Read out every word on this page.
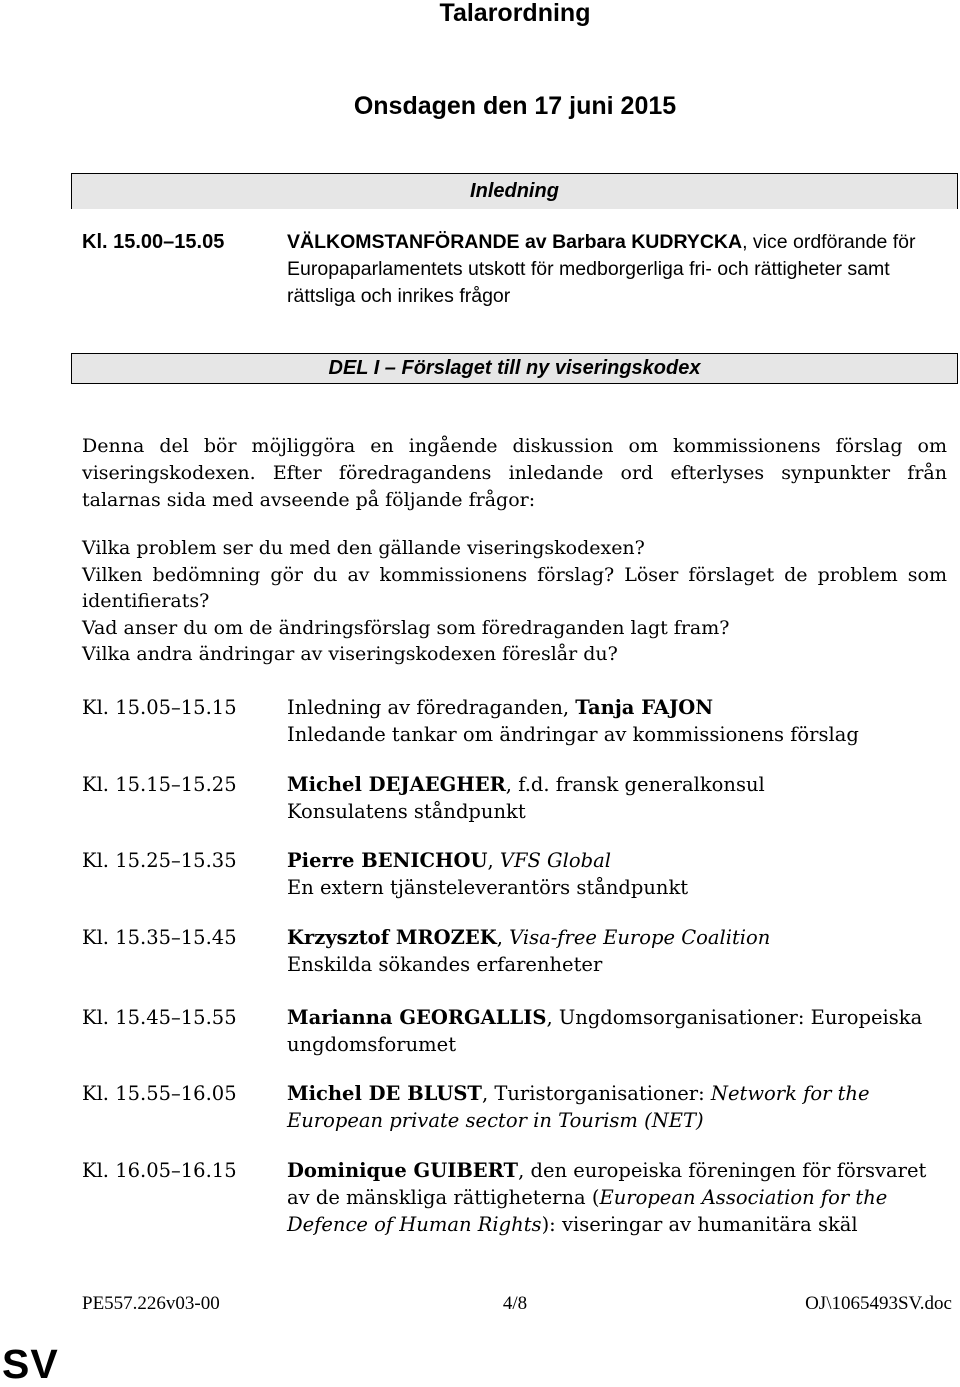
Talarordning
Onsdagen den 17 juni 2015
Inledning
Kl. 15.00–15.05	VÄLKOMSTANFÖRANDE av Barbara KUDRYCKA, vice ordförande för Europaparlamentets utskott för medborgerliga fri- och rättigheter samt rättsliga och inrikes frågor
DEL I – Förslaget till ny viseringskodex

Denna del bör möjliggöra en ingående diskussion om kommissionens förslag om viseringskodexen. Efter föredragandens inledande ord efterlyses synpunkter från talarnas sida med avseende på följande frågor:

Vilka problem ser du med den gällande viseringskodexen?

Vilken bedömning gör du av kommissionens förslag? Löser förslaget de problem som identifierats?

Vad anser du om de ändringsförslag som föredraganden lagt fram?

Vilka andra ändringar av viseringskodexen föreslår du?

Kl. 15.05–15.15	Inledning av föredraganden, Tanja FAJON
Inledande tankar om ändringar av kommissionens förslag
Kl. 15.15–15.25	Michel DEJAEGHER, f.d. fransk generalkonsul
Konsulatens ståndpunkt
Kl. 15.25–15.35	Pierre BENICHOU, VFS Global
En extern tjänsteleverantörs ståndpunkt
Kl. 15.35–15.45	Krzysztof MROZEK, Visa-free Europe Coalition
Enskilda sökandes erfarenheter
Kl. 15.45–15.55	Marianna GEORGALLIS, Ungdomsorganisationer: Europeiska ungdomsforumet
Kl. 15.55–16.05	Michel DE BLUST, Turistorganisationer: Network for the European private sector in Tourism (NET)
Kl. 16.05–16.15	Dominique GUIBERT, den europeiska föreningen för försvaret av de mänskliga rättigheterna (European Association for the Defence of Human Rights): viseringar av humanitära skäl
PE557.226v03-00	4/8	OJ\1065493SV.doc
SV
